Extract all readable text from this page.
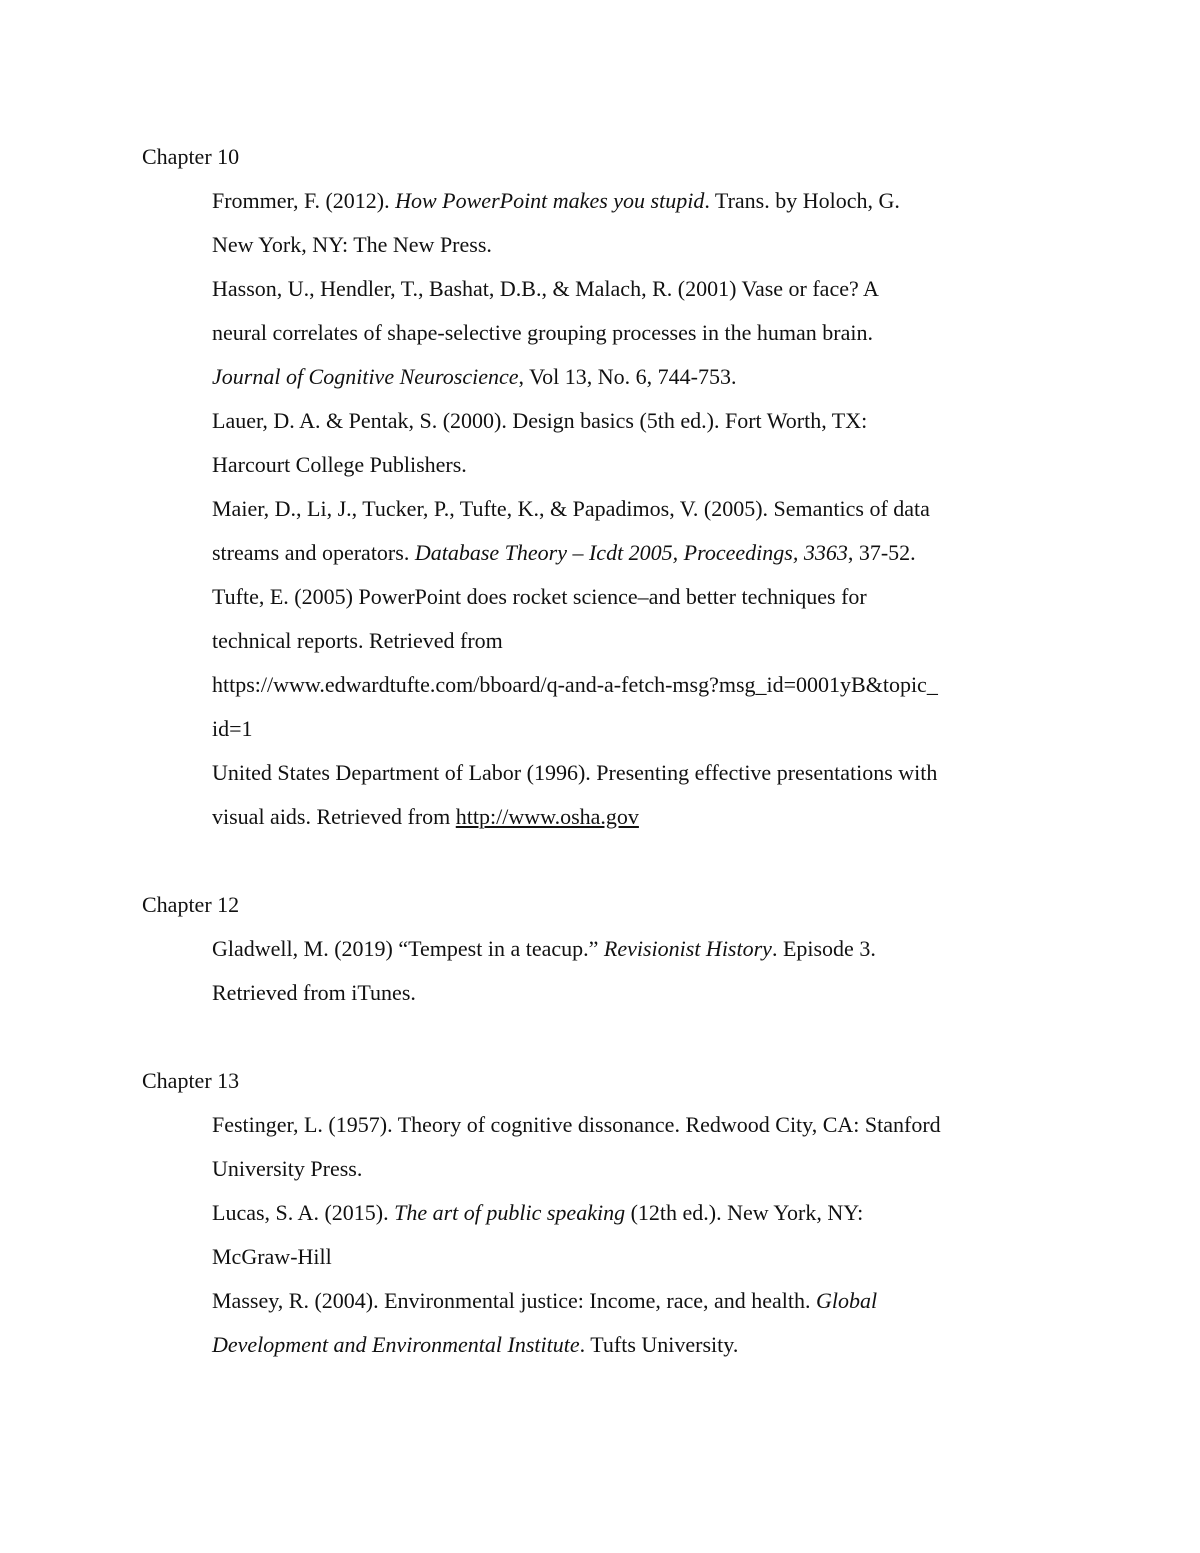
Chapter 10
Frommer, F. (2012). How PowerPoint makes you stupid. Trans. by Holoch, G.
New York, NY: The New Press.
Hasson, U., Hendler, T., Bashat, D.B., & Malach, R. (2001) Vase or face? A
neural correlates of shape-selective grouping processes in the human brain.
Journal of Cognitive Neuroscience, Vol 13, No. 6, 744-753.
Lauer, D. A. & Pentak, S. (2000). Design basics (5th ed.). Fort Worth, TX:
Harcourt College Publishers.
Maier, D., Li, J., Tucker, P., Tufte, K., & Papadimos, V. (2005). Semantics of data
streams and operators. Database Theory – Icdt 2005, Proceedings, 3363, 37-52.
Tufte, E. (2005) PowerPoint does rocket science–and better techniques for
technical reports. Retrieved from
https://www.edwardtufte.com/bboard/q-and-a-fetch-msg?msg_id=0001yB&topic_
id=1
United States Department of Labor (1996). Presenting effective presentations with
visual aids. Retrieved from http://www.osha.gov
Chapter 12
Gladwell, M. (2019) “Tempest in a teacup.” Revisionist History. Episode 3.
Retrieved from iTunes.
Chapter 13
Festinger, L. (1957). Theory of cognitive dissonance. Redwood City, CA: Stanford
University Press.
Lucas, S. A. (2015). The art of public speaking (12th ed.). New York, NY:
McGraw-Hill
Massey, R. (2004). Environmental justice: Income, race, and health. Global
Development and Environmental Institute. Tufts University.
